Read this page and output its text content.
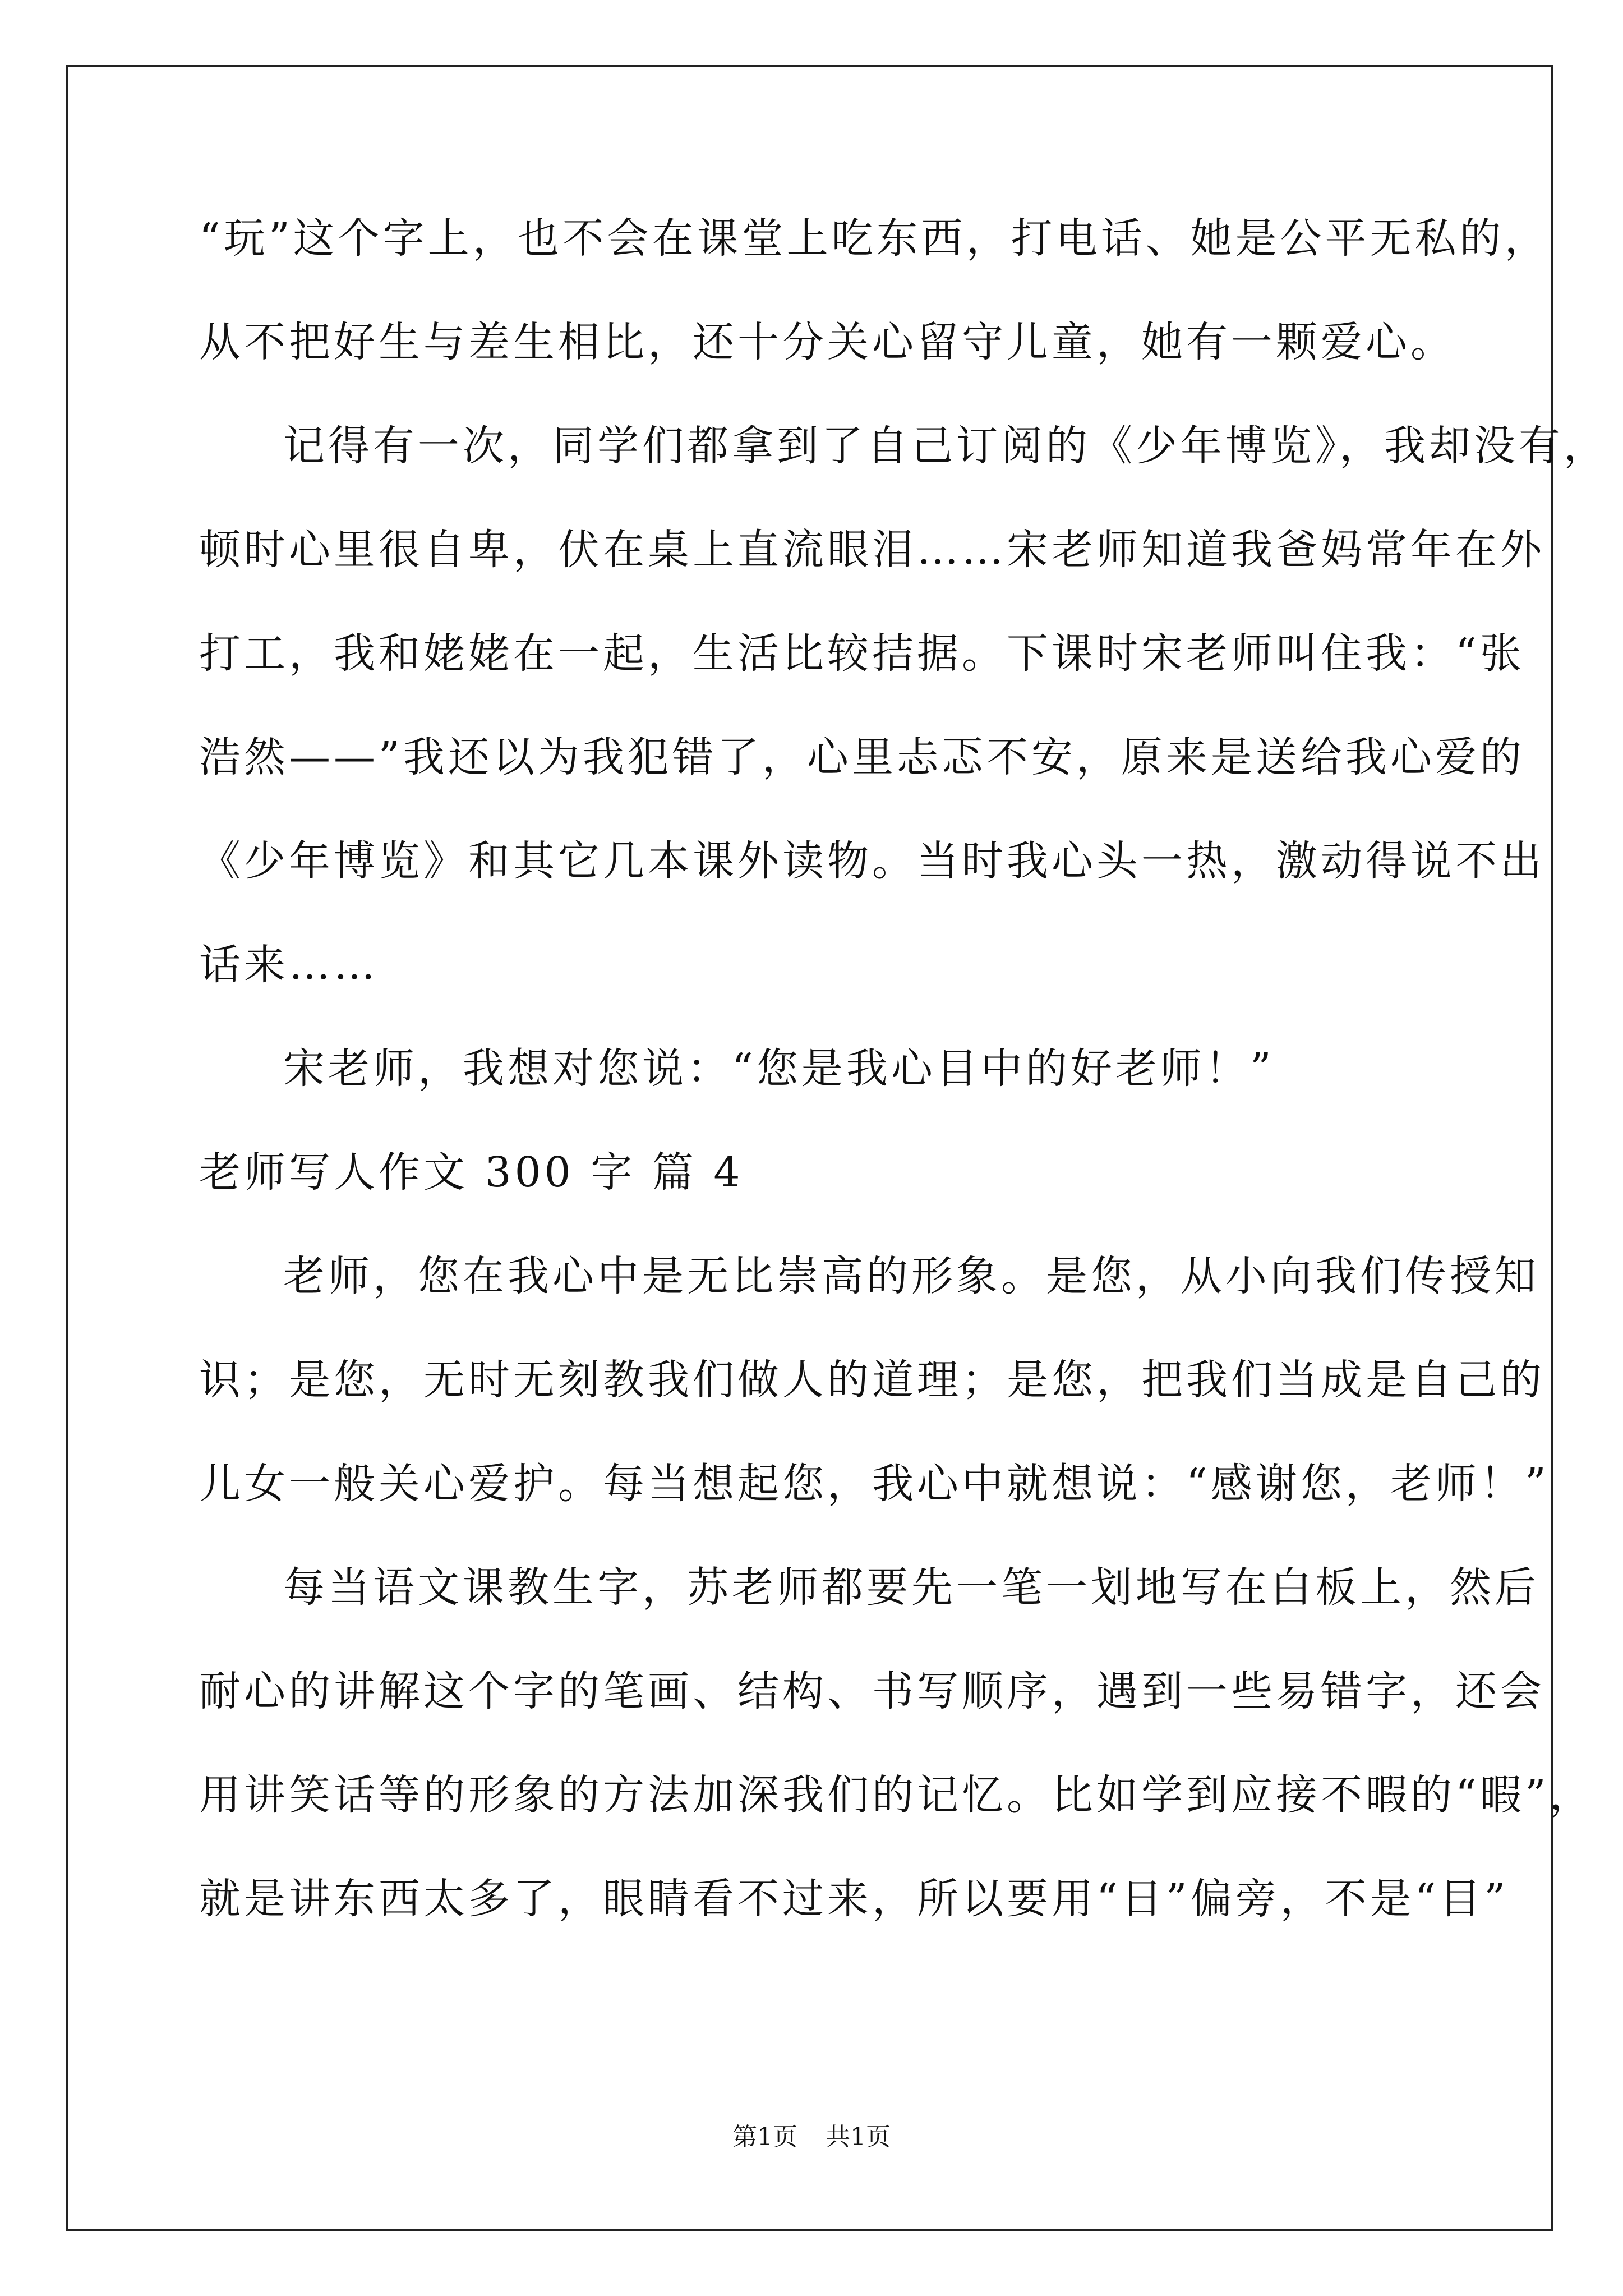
“玩”这个字上，也不会在课堂上吃东西，打电话、她是公平无私的，
从不把好生与差生相比，还十分关心留守儿童，她有一颗爱心。
记得有一次，同学们都拿到了自己订阅的《少年博览》，我却没有，
顿时心里很自卑，伏在桌上直流眼泪……宋老师知道我爸妈常年在外
打工，我和姥姥在一起，生活比较拮据。下课时宋老师叫住我：“张
浩然——”我还以为我犯错了，心里忐忑不安，原来是送给我心爱的
《少年博览》和其它几本课外读物。当时我心头一热，激动得说不出
话来……
宋老师，我想对您说：“您是我心目中的好老师！”
老师写人作文 300 字 篇 4
老师，您在我心中是无比崇高的形象。是您，从小向我们传授知
识；是您，无时无刻教我们做人的道理；是您，把我们当成是自己的
儿女一般关心爱护。每当想起您，我心中就想说：“感谢您，老师！”
每当语文课教生字，苏老师都要先一笔一划地写在白板上，然后
耐心的讲解这个字的笔画、结构、书写顺序，遇到一些易错字，还会
用讲笑话等的形象的方法加深我们的记忆。比如学到应接不暇的“暇”，
就是讲东西太多了，眼睛看不过来，所以要用“日”偏旁，不是“目”
第1页 共1页
